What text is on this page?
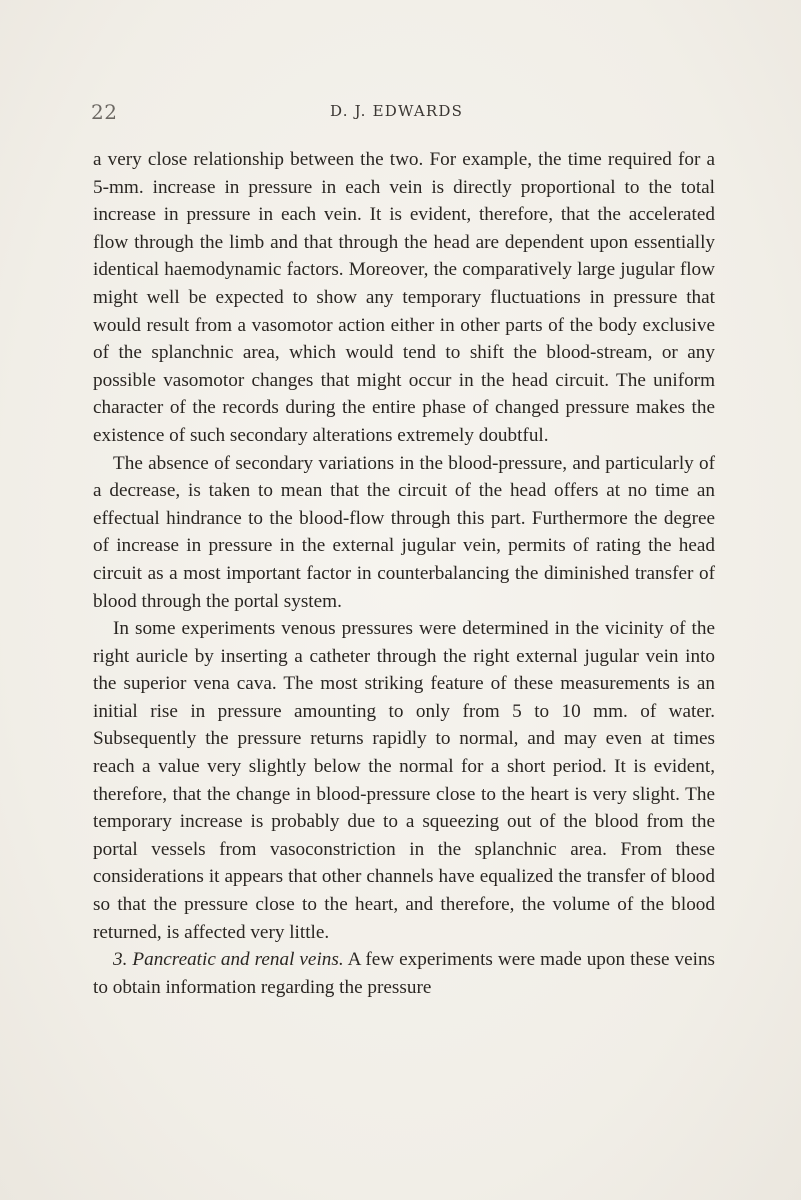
22	D. J. EDWARDS

a very close relationship between the two. For example, the time required for a 5-mm. increase in pressure in each vein is directly proportional to the total increase in pressure in each vein. It is evident, therefore, that the accelerated flow through the limb and that through the head are dependent upon essentially identical haemodynamic factors. Moreover, the comparatively large jugular flow might well be expected to show any temporary fluctuations in pressure that would result from a vasomotor action either in other parts of the body exclusive of the splanchnic area, which would tend to shift the blood-stream, or any possible vasomotor changes that might occur in the head circuit. The uniform character of the records during the entire phase of changed pressure makes the existence of such secondary alterations extremely doubtful.

The absence of secondary variations in the blood-pressure, and particularly of a decrease, is taken to mean that the circuit of the head offers at no time an effectual hindrance to the blood-flow through this part. Furthermore the degree of increase in pressure in the external jugular vein, permits of rating the head circuit as a most important factor in counterbalancing the diminished transfer of blood through the portal system.

In some experiments venous pressures were determined in the vicinity of the right auricle by inserting a catheter through the right external jugular vein into the superior vena cava. The most striking feature of these measurements is an initial rise in pressure amounting to only from 5 to 10 mm. of water. Subsequently the pressure returns rapidly to normal, and may even at times reach a value very slightly below the normal for a short period. It is evident, therefore, that the change in blood-pressure close to the heart is very slight. The temporary increase is probably due to a squeezing out of the blood from the portal vessels from vasoconstriction in the splanchnic area. From these considerations it appears that other channels have equalized the transfer of blood so that the pressure close to the heart, and therefore, the volume of the blood returned, is affected very little.

3. Pancreatic and renal veins. A few experiments were made upon these veins to obtain information regarding the pressure
